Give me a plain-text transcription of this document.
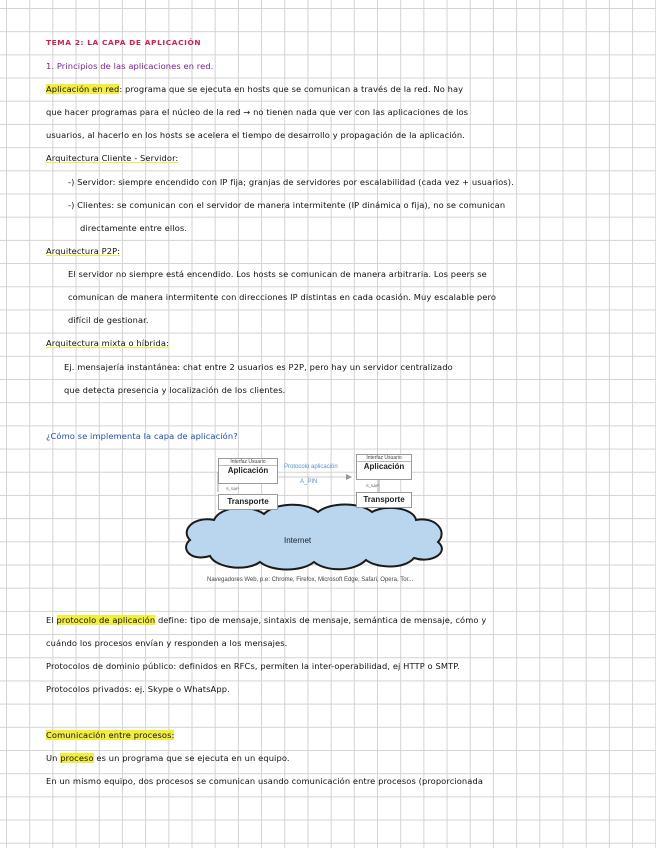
TEMA 2: LA CAPA DE APLICACIÓN
1. Principios de las aplicaciones en red.
Aplicación en red: programa que se ejecuta en hosts que se comunican a través de la red. No hay
que hacer programas para el núcleo de la red → no tienen nada que ver con las aplicaciones de los
usuarios, al hacerlo en los hosts se acelera el tiempo de desarrollo y propagación de la aplicación.
Arquitectura Cliente - Servidor:
-) Servidor: siempre encendido con IP fija; granjas de servidores por escalabilidad (cada vez + usuarios).
-) Clientes: se comunican con el servidor de manera intermitente (IP dinámica o fija), no se comunican
directamente entre ellos.
Arquitectura P2P:
El servidor no siempre está encendido. Los hosts se comunican de manera arbitraria. Los peers se
comunican de manera intermitente con direcciones IP distintas en cada ocasión. Muy escalable pero
difícil de gestionar.
Arquitectura mixta o híbrida:
Ej. mensajería instantánea: chat entre 2 usuarios es P2P, pero hay un servidor centralizado
que detecta presencia y localización de los clientes.
¿Cómo se implementa la capa de aplicación?
Interfaz Usuario
Aplicación
Interfaz Usuario
Aplicación
Protocolo aplicación
A_PIN
S_SAP
S_SAP
Transporte	Transporte
Internet
Navegadores Web, p.e: Chrome, Firefox, Microsoft Edge, Safari, Opera, Tor...
El protocolo de aplicación define: tipo de mensaje, sintaxis de mensaje, semántica de mensaje, cómo y
cuándo los procesos envían y responden a los mensajes.
Protocolos de dominio público: definidos en RFCs, permiten la inter-operabilidad, ej HTTP o SMTP.
Protocolos privados: ej. Skype o WhatsApp.
Comunicación entre procesos:
Un proceso es un programa que se ejecuta en un equipo.
En un mismo equipo, dos procesos se comunican usando comunicación entre procesos (proporcionada
